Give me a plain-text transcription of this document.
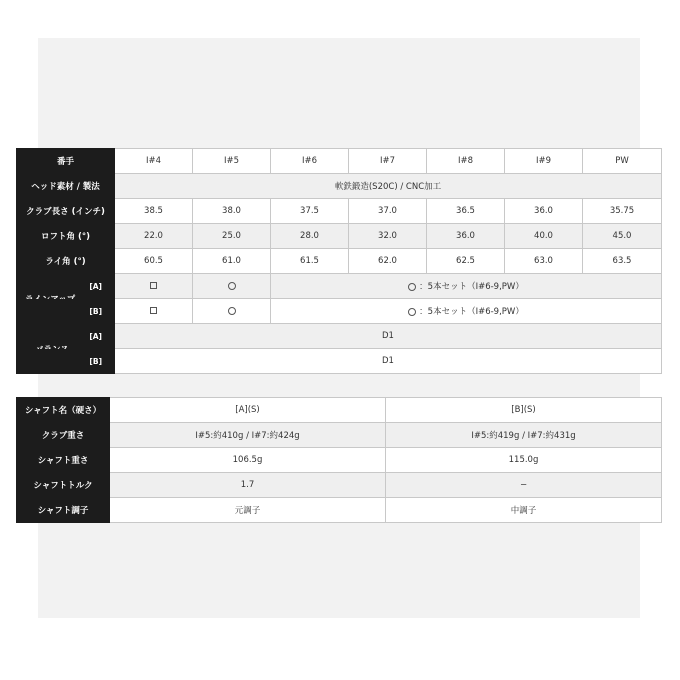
番手	I#4	I#5	I#6	I#7	I#8	I#9	PW
ヘッド素材 / 製法	軟鉄鍛造(S20C) / CNC加工						
クラブ長さ (インチ)	38.5	38.0	37.5	37.0	36.5	36.0	35.75
ロフト角 (°)	22.0	25.0	28.0	32.0	36.0	40.0	45.0
ライ角 (°)	60.5	61.0	61.5	62.0	62.5	63.0	63.5

[A]			：5本セット（I#6-9,PW）				

[B]			：5本セット（I#6-9,PW）				

[A]	D1						

[B]	D1						
シャフト名（硬さ）	[A](S)	[B](S)
クラブ重さ	I#5:約410g / I#7:約424g	I#5:約419g / I#7:約431g
シャフト重さ	106.5g	115.0g
シャフトトルク	1.7	−
シャフト調子	元調子	中調子
